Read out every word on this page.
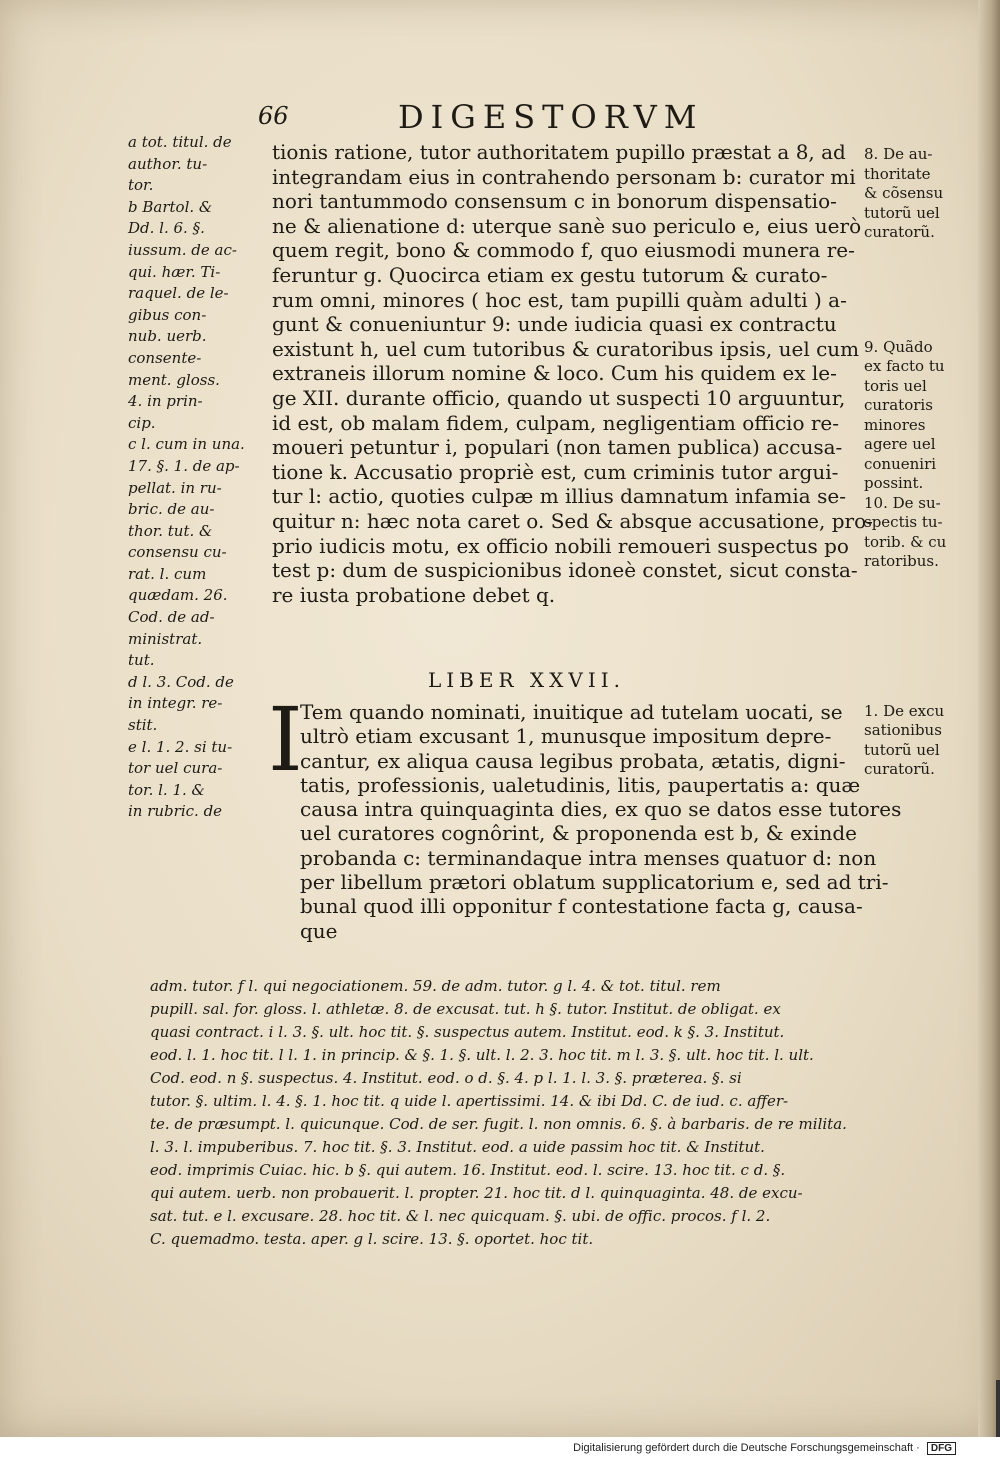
66	DIGESTORVM
a tot. titul. de
author. tu-
tor.
b Bartol. &
Dd. l. 6. §.
iussum. de ac-
qui. hær. Ti-
raquel. de le-
gibus con-
nub. uerb.
consente-
ment. gloss.
4. in prin-
cip.
c l. cum in una.
17. §. 1. de ap-
pellat. in ru-
bric. de au-
thor. tut. &
consensu cu-
rat. l. cum
quædam. 26.
Cod. de ad-
ministrat.
tut.
d l. 3. Cod. de
in integr. re-
stit.
e l. 1. 2. si tu-
tor uel cura-
tor. l. 1. &
in rubric. de
8. De au-
thoritate
& cõsensu
tutorũ uel
curatorũ.
9. Quãdo
ex facto tu
toris uel
curatoris
minores
agere uel
conueniri
possint.
10. De su-
spectis tu-
torib. & cu
ratoribus.
1. De excu
sationibus
tutorũ uel
curatorũ.
tionis ratione, tutor authoritatem pupillo præstat a 8, ad
integrandam eius in contrahendo personam b: curator mi
nori tantummodo consensum c in bonorum dispensatio-
ne & alienatione d: uterque sanè suo periculo e, eius uerò
quem regit, bono & commodo f, quo eiusmodi munera re-
feruntur g. Quocirca etiam ex gestu tutorum & curato-
rum omni, minores ( hoc est, tam pupilli quàm adulti ) a-
gunt & conueniuntur 9: unde iudicia quasi ex contractu
existunt h, uel cum tutoribus & curatoribus ipsis, uel cum
extraneis illorum nomine & loco. Cum his quidem ex le-
ge XII. durante officio, quando ut suspecti 10 arguuntur,
id est, ob malam fidem, culpam, negligentiam officio re-
moueri petuntur i, populari (non tamen publica) accusa-
tione k. Accusatio propriè est, cum criminis tutor argui-
tur l: actio, quoties culpæ m illius damnatum infamia se-
quitur n: hæc nota caret o. Sed & absque accusatione, pro-
prio iudicis motu, ex officio nobili remoueri suspectus po
test p: dum de suspicionibus idoneè constet, sicut consta-
re iusta probatione debet q.
LIBER XXVII.
I
Tem quando nominati, inuitique ad tutelam uocati, se
ultrò etiam excusant 1, munusque impositum depre-
cantur, ex aliqua causa legibus probata, ætatis, digni-
tatis, professionis, ualetudinis, litis, paupertatis a: quæ
causa intra quinquaginta dies, ex quo se datos esse tutores
uel curatores cognôrint, & proponenda est b, & exinde
probanda c: terminandaque intra menses quatuor d: non
per libellum prætori oblatum supplicatorium e, sed ad tri-
bunal quod illi opponitur f contestatione facta g, causa-
que
adm. tutor. f l. qui negociationem. 59. de adm. tutor. g l. 4. & tot. titul. rem
pupill. sal. for. gloss. l. athletæ. 8. de excusat. tut. h §. tutor. Institut. de obligat. ex
quasi contract. i l. 3. §. ult. hoc tit. §. suspectus autem. Institut. eod. k §. 3. Institut.
eod. l. 1. hoc tit. l l. 1. in princip. & §. 1. §. ult. l. 2. 3. hoc tit. m l. 3. §. ult. hoc tit. l. ult.
Cod. eod. n §. suspectus. 4. Institut. eod. o d. §. 4. p l. 1. l. 3. §. præterea. §. si
tutor. §. ultim. l. 4. §. 1. hoc tit. q uide l. apertissimi. 14. & ibi Dd. C. de iud. c. affer-
te. de præsumpt. l. quicunque. Cod. de ser. fugit. l. non omnis. 6. §. à barbaris. de re milita.
l. 3. l. impuberibus. 7. hoc tit. §. 3. Institut. eod. a uide passim hoc tit. & Institut.
eod. imprimis Cuiac. hic. b §. qui autem. 16. Institut. eod. l. scire. 13. hoc tit. c d. §.
qui autem. uerb. non probauerit. l. propter. 21. hoc tit. d l. quinquaginta. 48. de excu-
sat. tut. e l. excusare. 28. hoc tit. & l. nec quicquam. §. ubi. de offic. procos. f l. 2.
C. quemadmo. testa. aper. g l. scire. 13. §. oportet. hoc tit.
Digitalisierung gefördert durch die Deutsche Forschungsgemeinschaft · DFG
